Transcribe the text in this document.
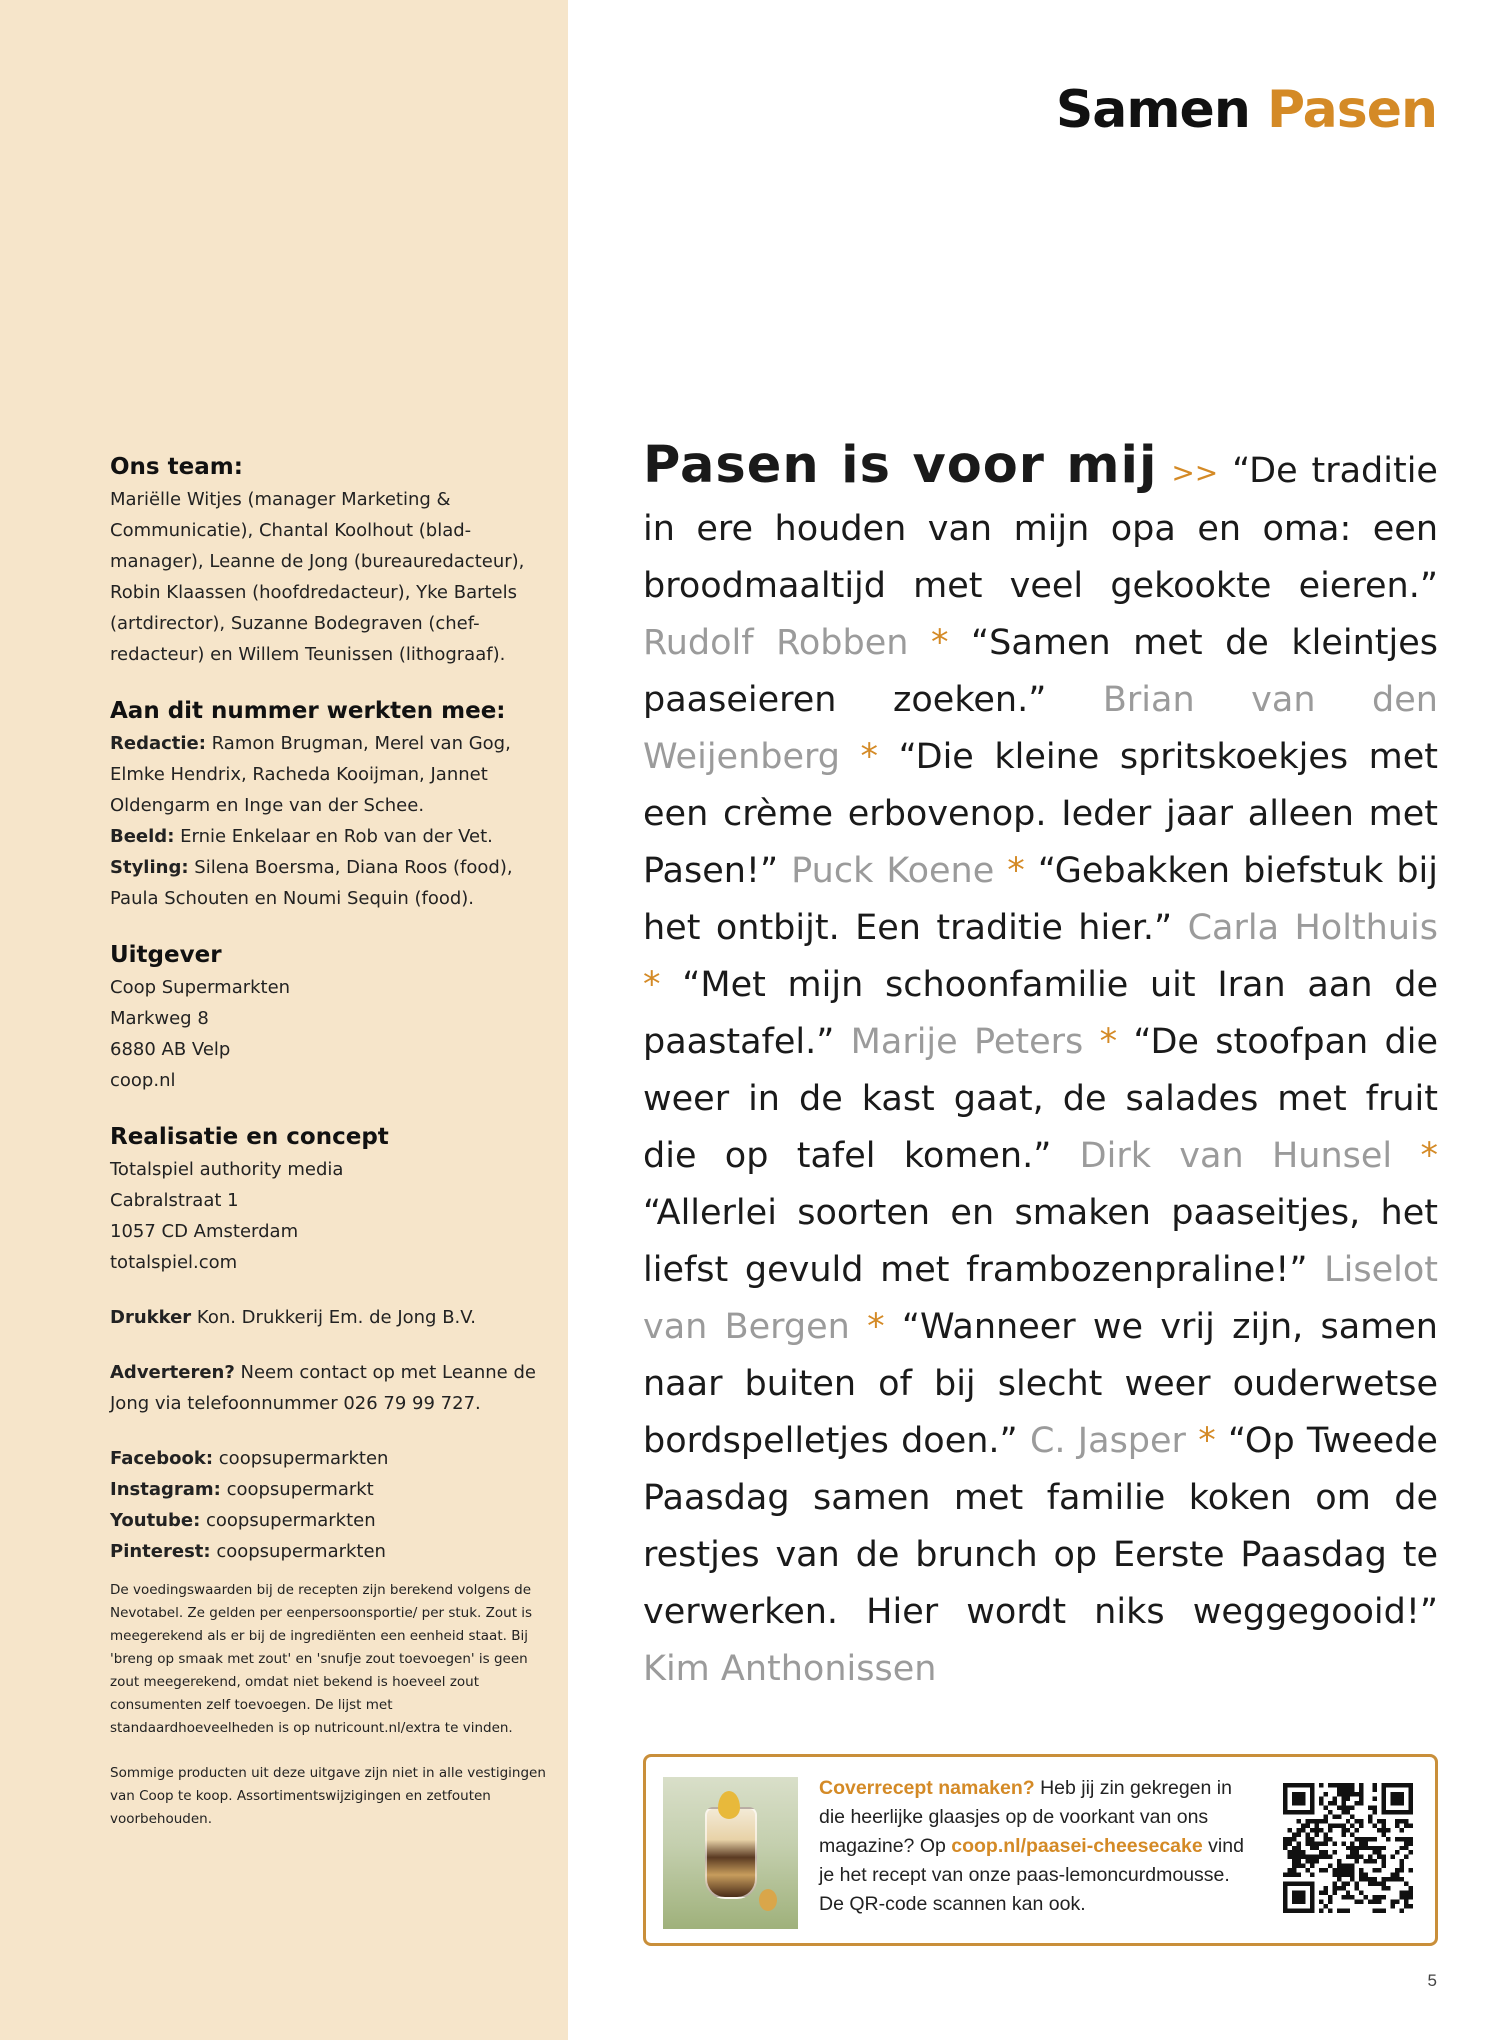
Ons team:

Mariëlle Witjes (manager Marketing & Communicatie), Chantal Koolhout (blad-manager), Leanne de Jong (bureauredacteur), Robin Klaassen (hoofdredacteur), Yke Bartels (artdirector), Suzanne Bodegraven (chef-redacteur) en Willem Teunissen (lithograaf).

Aan dit nummer werkten mee:

Redactie: Ramon Brugman, Merel van Gog, Elmke Hendrix, Racheda Kooijman, Jannet Oldengarm en Inge van der Schee.

Beeld: Ernie Enkelaar en Rob van der Vet.

Styling: Silena Boersma, Diana Roos (food), Paula Schouten en Noumi Sequin (food).

Uitgever

Coop Supermarkten
Markweg 8
6880 AB Velp
coop.nl

Realisatie en concept

Totalspiel authority media
Cabralstraat 1
1057 CD Amsterdam
totalspiel.com

Drukker Kon. Drukkerij Em. de Jong B.V.

Adverteren? Neem contact op met Leanne de Jong via telefoonnummer 026 79 99 727.

Facebook: coopsupermarkten

Instagram: coopsupermarkt

Youtube: coopsupermarkten

Pinterest: coopsupermarkten

De voedingswaarden bij de recepten zijn berekend volgens de Nevotabel. Ze gelden per eenpersoonsportie/ per stuk. Zout is meegerekend als er bij de ingrediënten een eenheid staat. Bij 'breng op smaak met zout' en 'snufje zout toevoegen' is geen zout meegerekend, omdat niet bekend is hoeveel zout consumenten zelf toevoegen. De lijst met standaardhoeveelheden is op nutricount.nl/extra te vinden.

Sommige producten uit deze uitgave zijn niet in alle vestigingen van Coop te koop. Assortimentswijzigingen en zetfouten voorbehouden.

Samen Pasen
Pasen is voor mij >> “De traditie in ere houden van mijn opa en oma: een broodmaaltijd met veel gekookte eieren.” Rudolf Robben * “Samen met de kleintjes paaseieren zoeken.” Brian van den Weijenberg * “Die kleine spritskoekjes met een crème erbovenop. Ieder jaar alleen met Pasen!” Puck Koene * “Gebakken biefstuk bij het ontbijt. Een traditie hier.” Carla Holthuis * “Met mijn schoonfamilie uit Iran aan de paastafel.” Marije Peters * “De stoofpan die weer in de kast gaat, de salades met fruit die op tafel komen.” Dirk van Hunsel * “Allerlei soorten en smaken paaseitjes, het liefst gevuld met frambozenpraline!” Liselot van Bergen * “Wanneer we vrij zijn, samen naar buiten of bij slecht weer ouderwetse bordspelletjes doen.” C. Jasper * “Op Tweede Paasdag samen met familie koken om de restjes van de brunch op Eerste Paasdag te verwerken. Hier wordt niks weggegooid!” Kim Anthonissen

Coverrecept namaken? Heb jij zin gekregen in die heerlijke glaasjes op de voorkant van ons magazine? Op coop.nl/paasei-cheesecake vind je het recept van onze paas-lemoncurdmousse. De QR-code scannen kan ook.

5
